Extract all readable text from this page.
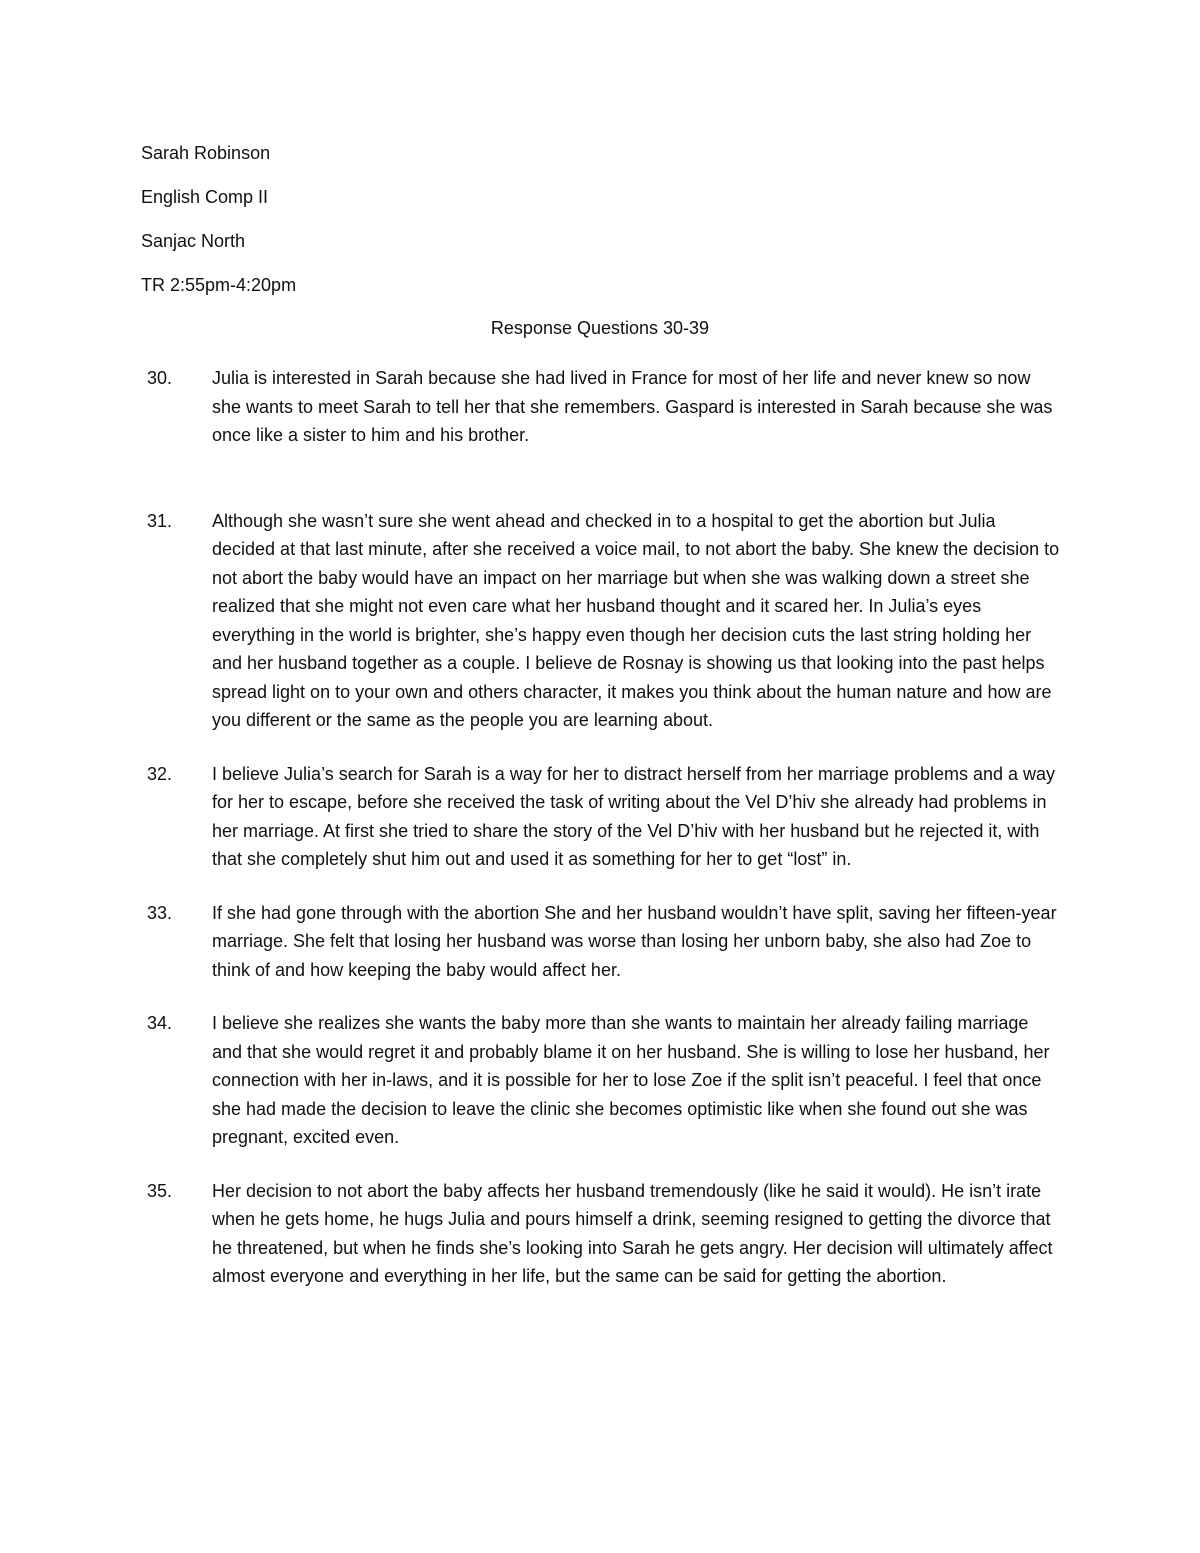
Sarah Robinson
English Comp II
Sanjac North
TR 2:55pm-4:20pm
Response Questions 30-39
30. Julia is interested in Sarah because she had lived in France for most of her life and never knew so now she wants to meet Sarah to tell her that she remembers. Gaspard is interested in Sarah because she was once like a sister to him and his brother.
31. Although she wasn’t sure she went ahead and checked in to a hospital to get the abortion but Julia decided at that last minute, after she received a voice mail, to not abort the baby. She knew the decision to not abort the baby would have an impact on her marriage but when she was walking down a street she realized that she might not even care what her husband thought and it scared her. In Julia’s eyes everything in the world is brighter, she’s happy even though her decision cuts the last string holding her and her husband together as a couple. I believe de Rosnay is showing us that looking into the past helps spread light on to your own and others character, it makes you think about the human nature and how are you different or the same as the people you are learning about.
32. I believe Julia’s search for Sarah is a way for her to distract herself from her marriage problems and a way for her to escape, before she received the task of writing about the Vel D’hiv she already had problems in her marriage. At first she tried to share the story of the Vel D’hiv with her husband but he rejected it, with that she completely shut him out and used it as something for her to get “lost” in.
33. If she had gone through with the abortion She and her husband wouldn’t have split, saving her fifteen-year marriage. She felt that losing her husband was worse than losing her unborn baby, she also had Zoe to think of and how keeping the baby would affect her.
34. I believe she realizes she wants the baby more than she wants to maintain her already failing marriage and that she would regret it and probably blame it on her husband. She is willing to lose her husband, her connection with her in-laws, and it is possible for her to lose Zoe if the split isn’t peaceful. I feel that once she had made the decision to leave the clinic she becomes optimistic like when she found out she was pregnant, excited even.
35. Her decision to not abort the baby affects her husband tremendously (like he said it would). He isn’t irate when he gets home, he hugs Julia and pours himself a drink, seeming resigned to getting the divorce that he threatened, but when he finds she’s looking into Sarah he gets angry. Her decision will ultimately affect almost everyone and everything in her life, but the same can be said for getting the abortion.
